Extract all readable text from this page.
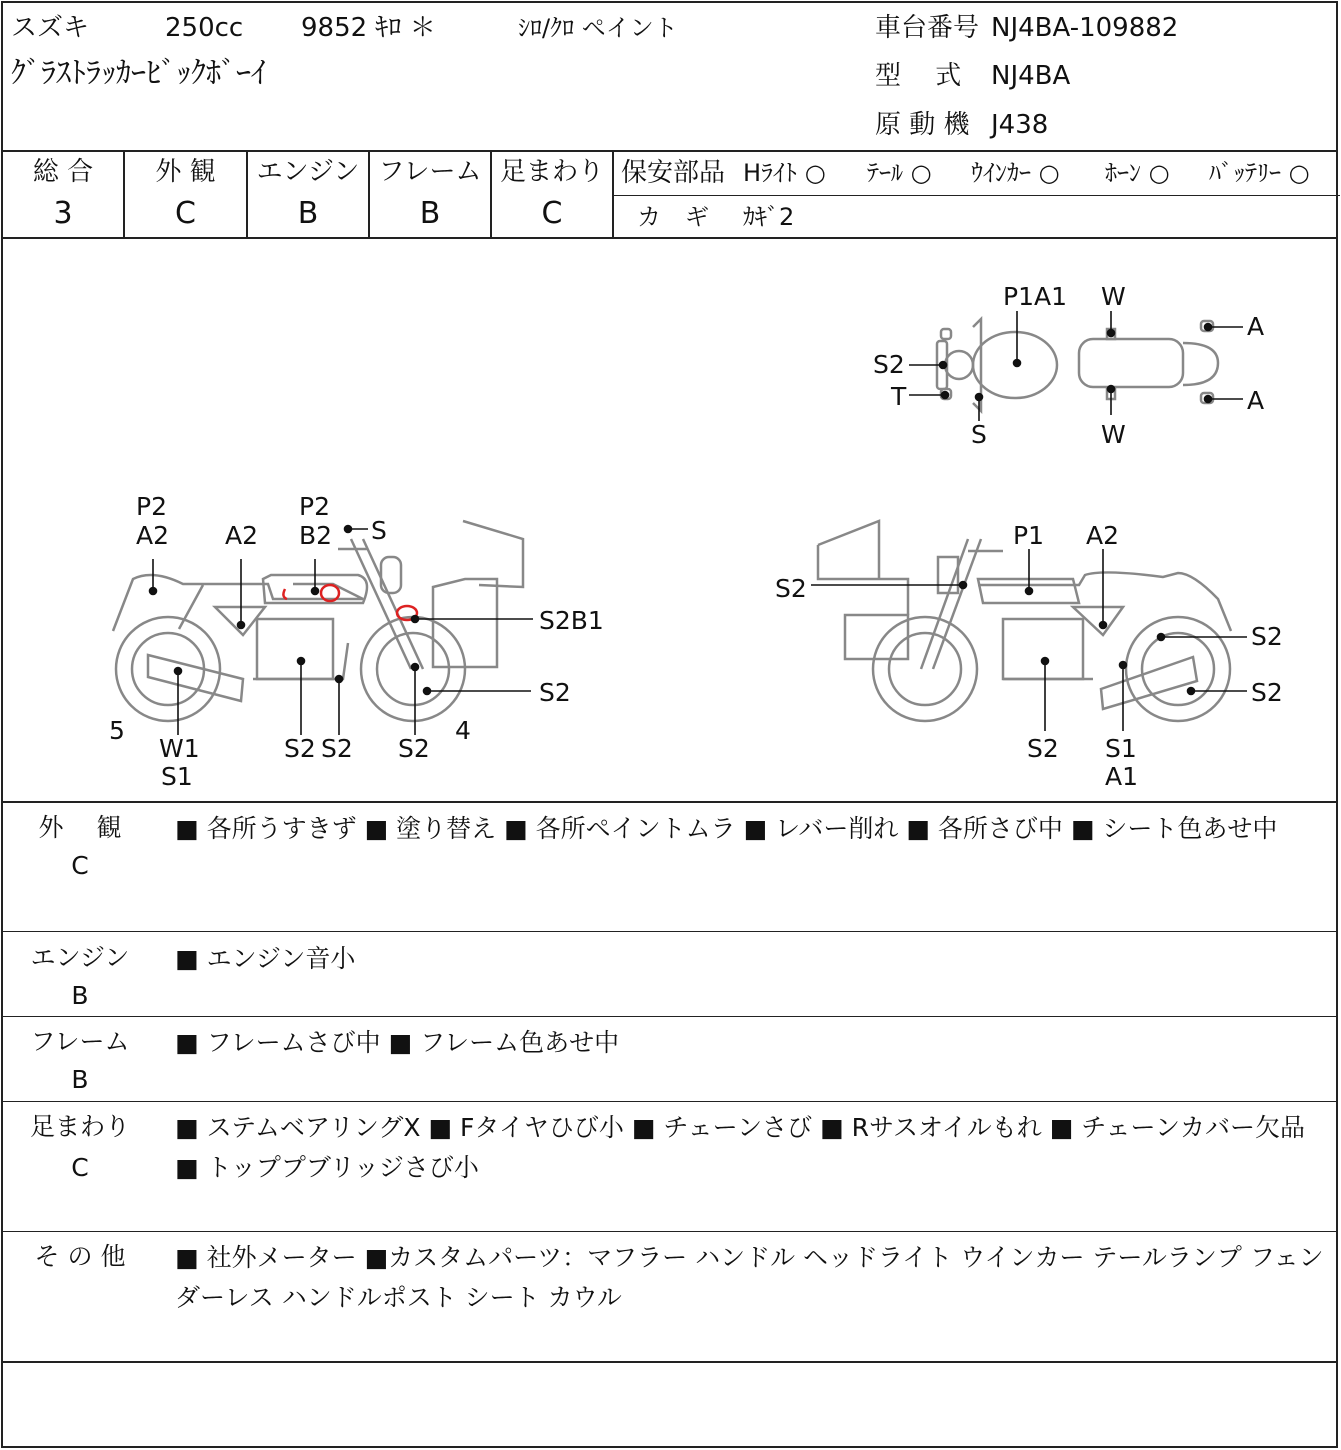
スズキ	250cc 9852 ｷﾛ ＊	ｼﾛ/ｸﾛ ペイント
ｸﾞﾗｽﾄﾗｯｶｰﾋﾞｯｸﾎﾞｰｲ
車台番号 NJ4BA-109882
型　 式 NJ4BA
原 動 機 J438
総 合
3
外 観
C
エンジン
B
フレーム
B
足まわり
C
保安部品 Hﾗｲﾄ ○ ﾃｰﾙ ○ ｳｲﾝｶｰ ○ ﾎｰﾝ ○ ﾊﾞｯﾃﾘｰ ○
カ　ギ ｶｷﾞ2
P1A1 W
A
S2
T
S	W
A
P2
A2 A2
P2
B2 S
S2B1
S2
5
W1
S1
S2 S2 S2
4
S2
P1 A2
S2
S2
S2 S1
A1
外　 観
C
■ 各所うすきず ■ 塗り替え ■ 各所ペイントムラ ■ レバー削れ ■ 各所さび中 ■ シート色あせ中
エンジン
B
■ エンジン音小
フレーム
B
■ フレームさび中 ■ フレーム色あせ中
足まわり
C
■ ステムベアリングX ■ Fタイヤひび小 ■ チェーンさび ■ Rサスオイルもれ ■ チェーンカバー欠品 ■ トッププブリッジさび小
そ の 他	■ 社外メーター ■カスタムパーツ：マフラー ハンドル ヘッドライト ウインカー テールランプ フェンダーレス ハンドルポスト シート カウル
